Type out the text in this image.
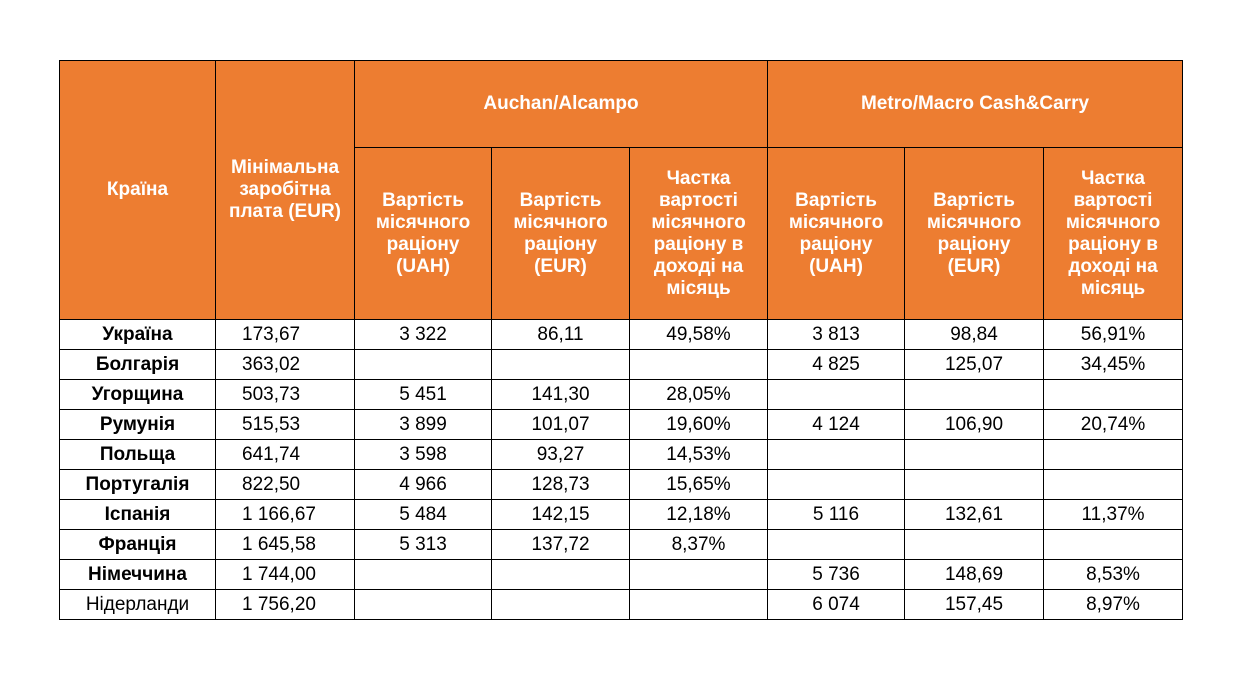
Країна	Мінімальна заробітна плата (EUR)	Auchan/Alcampo			Metro/Macro Cash&Carry		
		Вартість місячного раціону (UAH)	Вартість місячного раціону (EUR)	Частка вартості місячного раціону в доході на місяць	Вартість місячного раціону (UAH)	Вартість місячного раціону (EUR)	Частка вартості місячного раціону в доході на місяць
Україна	173,67	3 322	86,11	49,58%	3 813	98,84	56,91%
Болгарія	363,02				4 825	125,07	34,45%
Угорщина	503,73	5 451	141,30	28,05%			
Румунія	515,53	3 899	101,07	19,60%	4 124	106,90	20,74%
Польща	641,74	3 598	93,27	14,53%			
Португалія	822,50	4 966	128,73	15,65%			
Іспанія	1 166,67	5 484	142,15	12,18%	5 116	132,61	11,37%
Франція	1 645,58	5 313	137,72	8,37%			
Німеччина	1 744,00				5 736	148,69	8,53%
Нідерланди	1 756,20				6 074	157,45	8,97%
